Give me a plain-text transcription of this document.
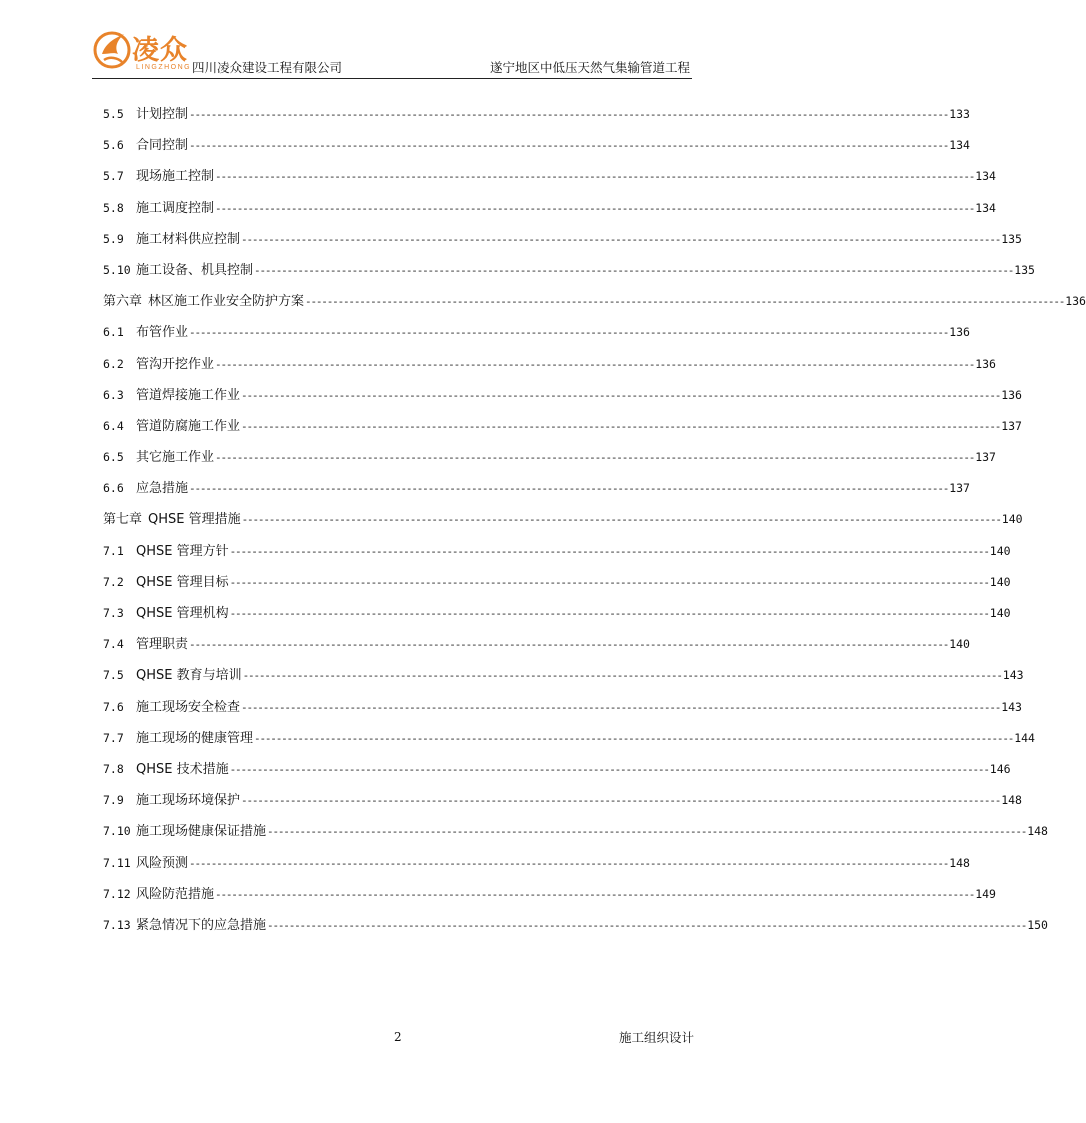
凌众
LINGZHONG 四川凌众建设工程有限公司	遂宁地区中低压天然气集输管道工程
5.5 计划控制 -------------------------------------------------------------------------------------------------------------------------------------------- 133
5.6 合同控制 -------------------------------------------------------------------------------------------------------------------------------------------- 134
5.7 现场施工控制 -------------------------------------------------------------------------------------------------------------------------------------------- 134
5.8 施工调度控制 -------------------------------------------------------------------------------------------------------------------------------------------- 134
5.9 施工材料供应控制 -------------------------------------------------------------------------------------------------------------------------------------------- 135
5.10 施工设备、机具控制 -------------------------------------------------------------------------------------------------------------------------------------------- 135
第六章 林区施工作业安全防护方案 -------------------------------------------------------------------------------------------------------------------------------------------- 136
6.1 布管作业 -------------------------------------------------------------------------------------------------------------------------------------------- 136
6.2 管沟开挖作业 -------------------------------------------------------------------------------------------------------------------------------------------- 136
6.3 管道焊接施工作业 -------------------------------------------------------------------------------------------------------------------------------------------- 136
6.4 管道防腐施工作业 -------------------------------------------------------------------------------------------------------------------------------------------- 137
6.5 其它施工作业 -------------------------------------------------------------------------------------------------------------------------------------------- 137
6.6 应急措施 -------------------------------------------------------------------------------------------------------------------------------------------- 137
第七章 QHSE 管理措施 -------------------------------------------------------------------------------------------------------------------------------------------- 140
7.1 QHSE 管理方针 -------------------------------------------------------------------------------------------------------------------------------------------- 140
7.2 QHSE 管理目标 -------------------------------------------------------------------------------------------------------------------------------------------- 140
7.3 QHSE 管理机构 -------------------------------------------------------------------------------------------------------------------------------------------- 140
7.4 管理职责 -------------------------------------------------------------------------------------------------------------------------------------------- 140
7.5 QHSE 教育与培训 -------------------------------------------------------------------------------------------------------------------------------------------- 143
7.6 施工现场安全检查 -------------------------------------------------------------------------------------------------------------------------------------------- 143
7.7 施工现场的健康管理 -------------------------------------------------------------------------------------------------------------------------------------------- 144
7.8 QHSE 技术措施 -------------------------------------------------------------------------------------------------------------------------------------------- 146
7.9 施工现场环境保护 -------------------------------------------------------------------------------------------------------------------------------------------- 148
7.10 施工现场健康保证措施 -------------------------------------------------------------------------------------------------------------------------------------------- 148
7.11 风险预测 -------------------------------------------------------------------------------------------------------------------------------------------- 148
7.12 风险防范措施 -------------------------------------------------------------------------------------------------------------------------------------------- 149
7.13 紧急情况下的应急措施 -------------------------------------------------------------------------------------------------------------------------------------------- 150
2	施工组织设计
